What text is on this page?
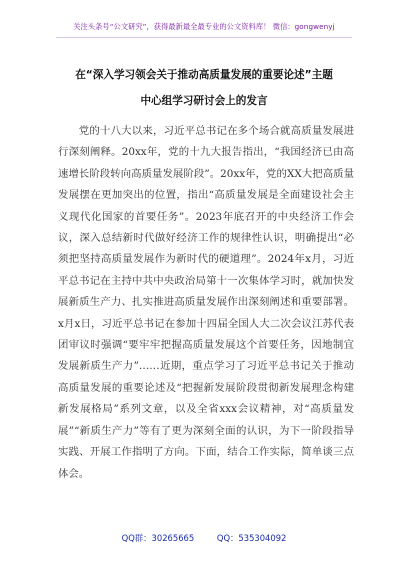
关注头条号“公文研究”，获得最新最全最专业的公文资料库！ 微信：gongwenyj
在“深入学习领会关于推动高质量发展的重要论述”主题
中心组学习研讨会上的发言

党的十八大以来，习近平总书记在多个场合就高质量发展进行深刻阐释。20xx年，党的十九大报告指出，“我国经济已由高速增长阶段转向高质量发展阶段”。20xx年，党的XX大把高质量发展摆在更加突出的位置，指出“高质量发展是全面建设社会主义现代化国家的首要任务”。2023年底召开的中央经济工作会议，深入总结新时代做好经济工作的规律性认识，明确提出“必须把坚持高质量发展作为新时代的硬道理”。2024年x月，习近平总书记在主持中共中央政治局第十一次集体学习时，就加快发展新质生产力、扎实推进高质量发展作出深刻阐述和重要部署。x月x日，习近平总书记在参加十四届全国人大二次会议江苏代表团审议时强调“要牢牢把握高质量发展这个首要任务，因地制宜发展新质生产力”……近期，重点学习了习近平总书记关于推动高质量发展的重要论述及“把握新发展阶段贯彻新发展理念构建新发展格局”系列文章，以及全省xxx会议精神，对“高质量发展”“新质生产力”等有了更为深刻全面的认识，为下一阶段指导实践、开展工作指明了方向。下面，结合工作实际，简单谈三点体会。

QQ群：30265665	QQ：535304092
